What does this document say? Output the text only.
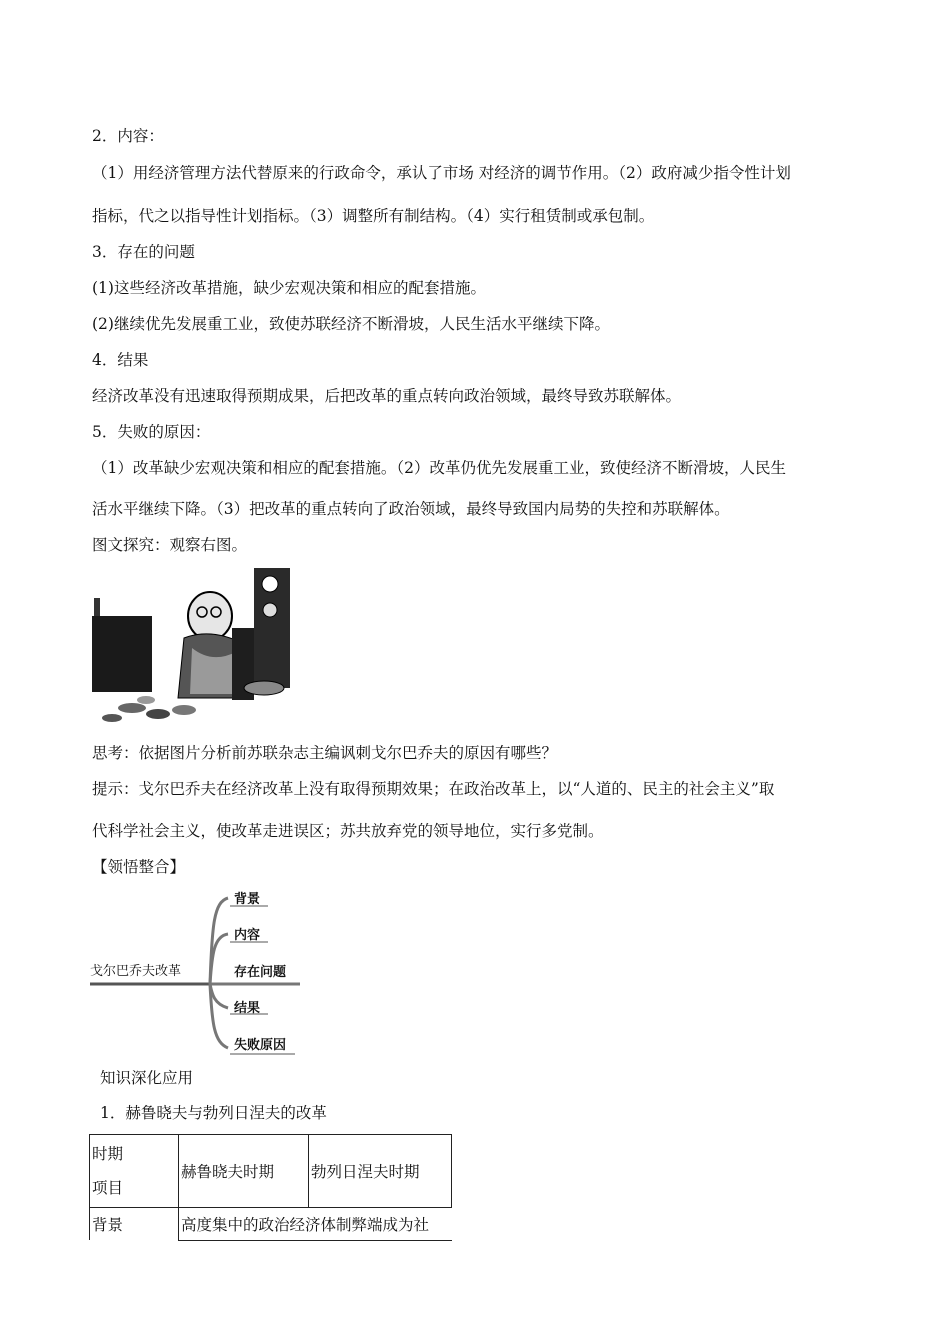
2．内容：
（1）用经济管理方法代替原来的行政命令，承认了市场 对经济的调节作用。（2）政府减少指令性计划
指标，代之以指导性计划指标。（3）调整所有制结构。（4）实行租赁制或承包制。
3．存在的问题
(1)这些经济改革措施，缺少宏观决策和相应的配套措施。
(2)继续优先发展重工业，致使苏联经济不断滑坡，人民生活水平继续下降。
4．结果
经济改革没有迅速取得预期成果，后把改革的重点转向政治领域，最终导致苏联解体。
5．失败的原因：
（1）改革缺少宏观决策和相应的配套措施。（2）改革仍优先发展重工业，致使经济不断滑坡，人民生
活水平继续下降。（3）把改革的重点转向了政治领域，最终导致国内局势的失控和苏联解体。
图文探究：观察右图。
思考：依据图片分析前苏联杂志主编讽刺戈尔巴乔夫的原因有哪些？
提示：戈尔巴乔夫在经济改革上没有取得预期效果；在政治改革上，以“人道的、民主的社会主义”取
代科学社会主义，使改革走进误区；苏共放弃党的领导地位，实行多党制。
【领悟整合】
戈尔巴乔夫改革
背景
内容
存在问题
结果
失败原因
知识深化应用
1．赫鲁晓夫与勃列日涅夫的改革
时期
项目	赫鲁晓夫时期	勃列日涅夫时期
背景	高度集中的政治经济体制弊端成为社	
